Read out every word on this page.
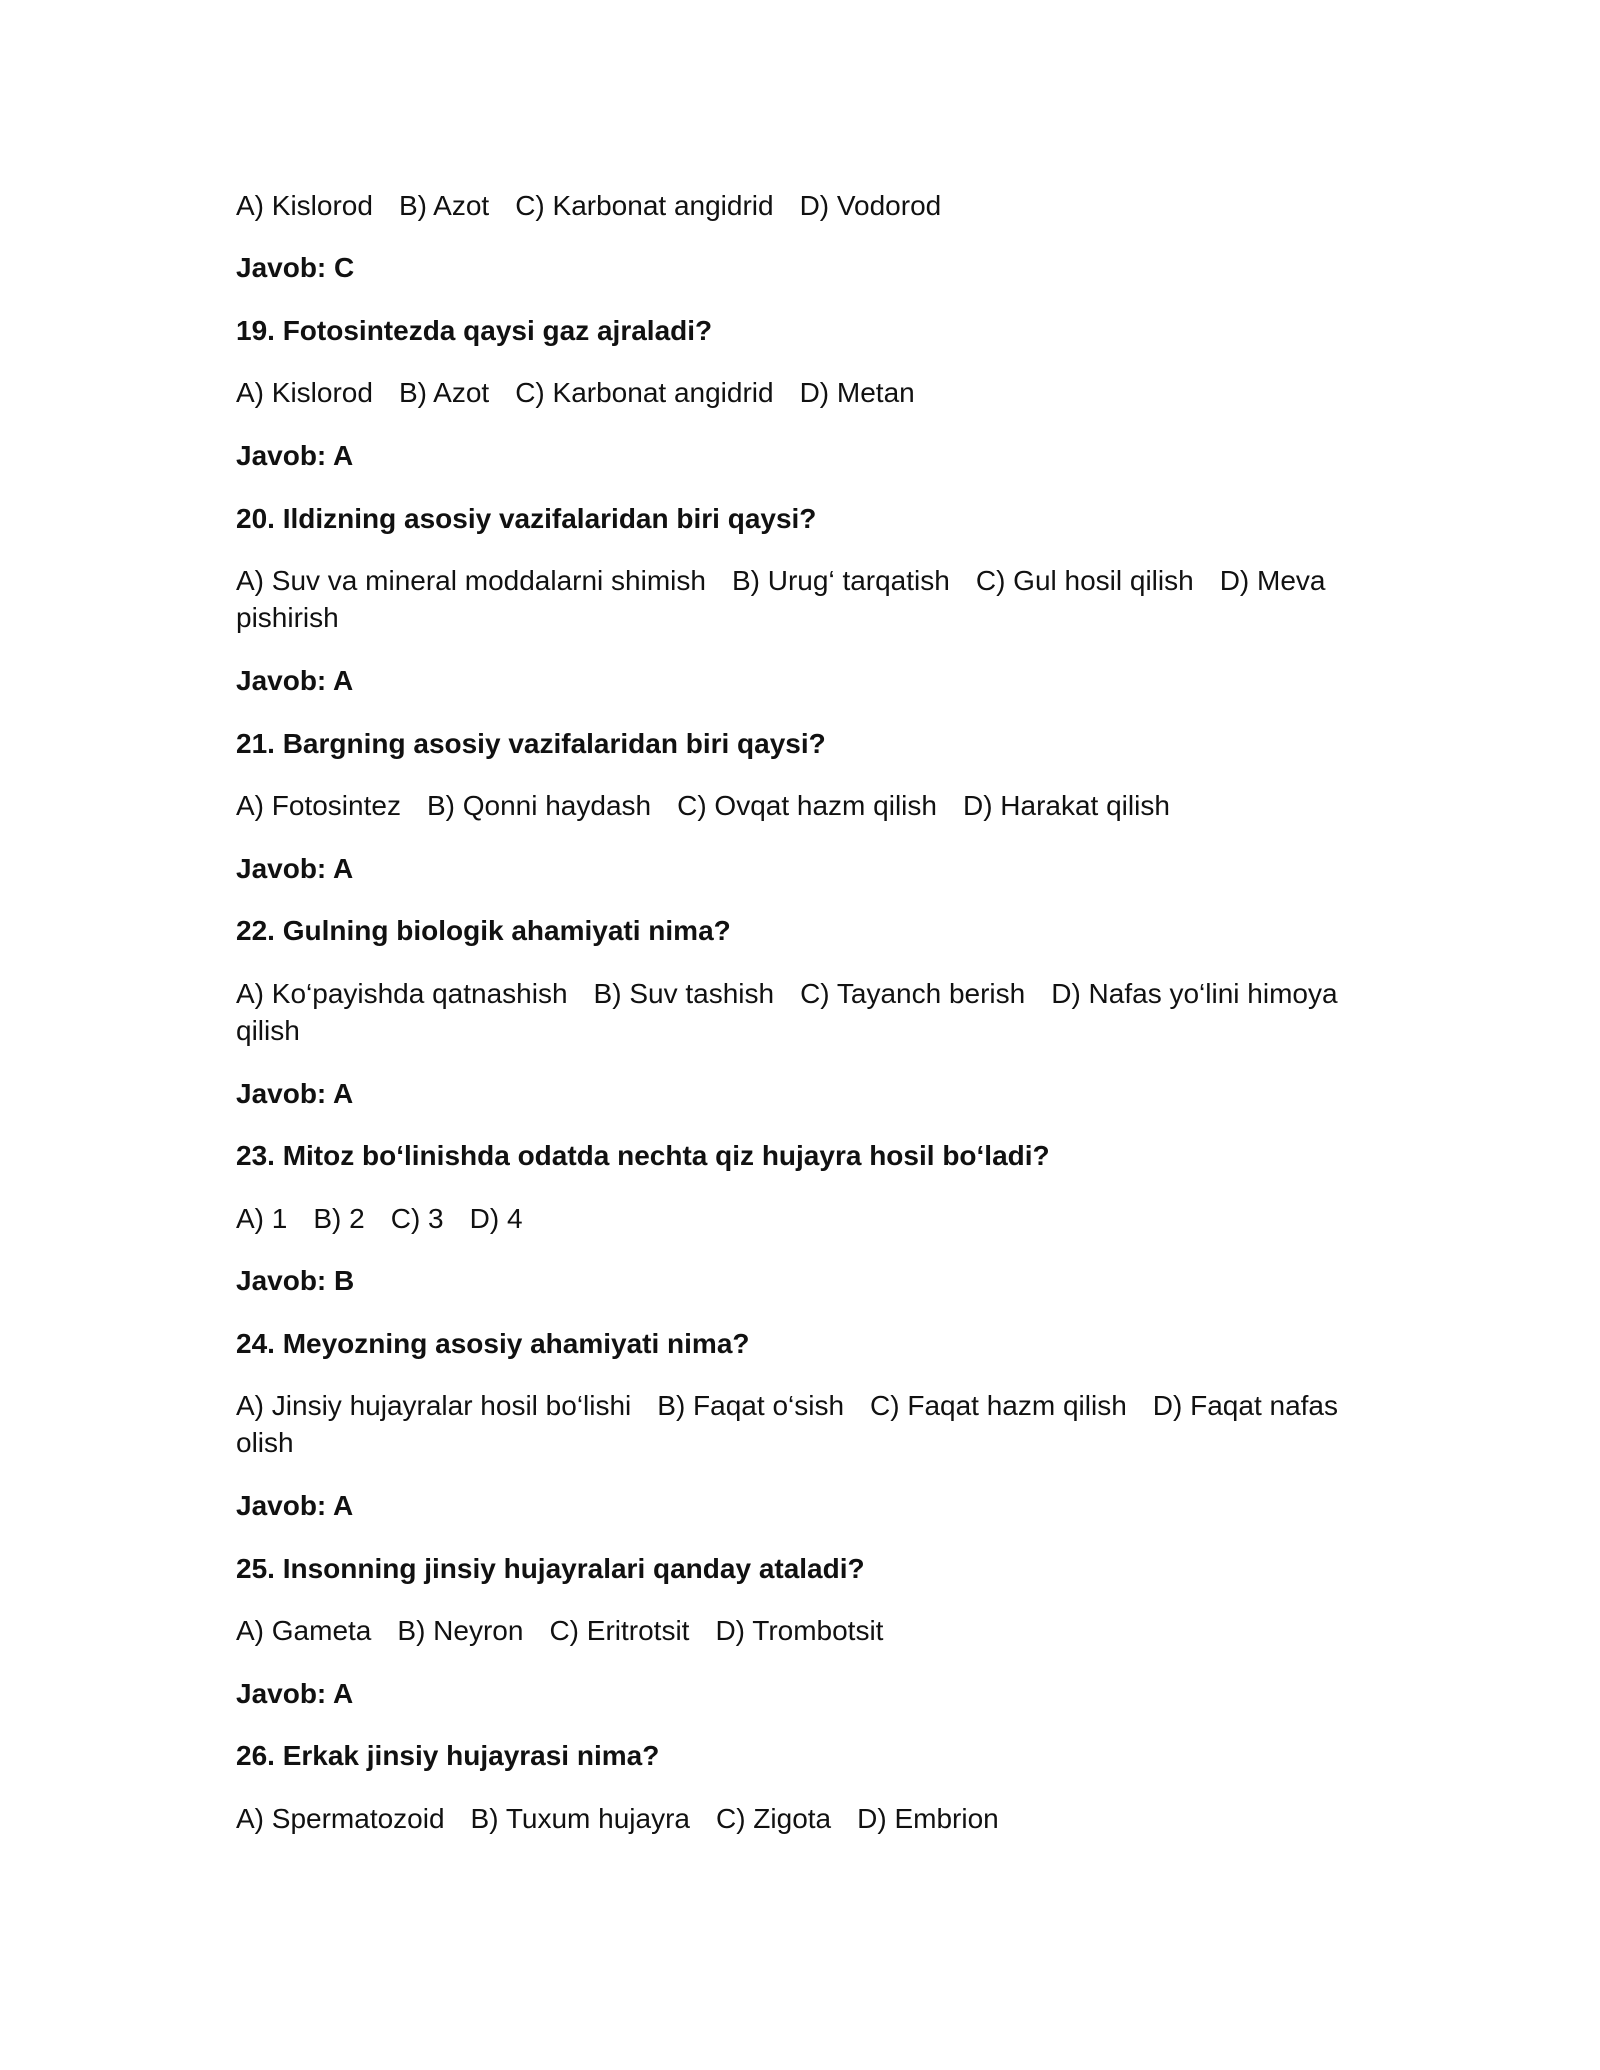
A) Kislorod B) Azot C) Karbonat angidrid D) Vodorod
Javob: C
19. Fotosintezda qaysi gaz ajraladi?
A) Kislorod B) Azot C) Karbonat angidrid D) Metan
Javob: A
20. Ildizning asosiy vazifalaridan biri qaysi?
A) Suv va mineral moddalarni shimish B) Urug‘ tarqatish C) Gul hosil qilish D) Meva
pishirish
Javob: A
21. Bargning asosiy vazifalaridan biri qaysi?
A) Fotosintez B) Qonni haydash C) Ovqat hazm qilish D) Harakat qilish
Javob: A
22. Gulning biologik ahamiyati nima?
A) Ko‘payishda qatnashish B) Suv tashish C) Tayanch berish D) Nafas yo‘lini himoya
qilish
Javob: A
23. Mitoz bo‘linishda odatda nechta qiz hujayra hosil bo‘ladi?
A) 1 B) 2 C) 3 D) 4
Javob: B
24. Meyozning asosiy ahamiyati nima?
A) Jinsiy hujayralar hosil bo‘lishi B) Faqat o‘sish C) Faqat hazm qilish D) Faqat nafas
olish
Javob: A
25. Insonning jinsiy hujayralari qanday ataladi?
A) Gameta B) Neyron C) Eritrotsit D) Trombotsit
Javob: A
26. Erkak jinsiy hujayrasi nima?
A) Spermatozoid B) Tuxum hujayra C) Zigota D) Embrion
